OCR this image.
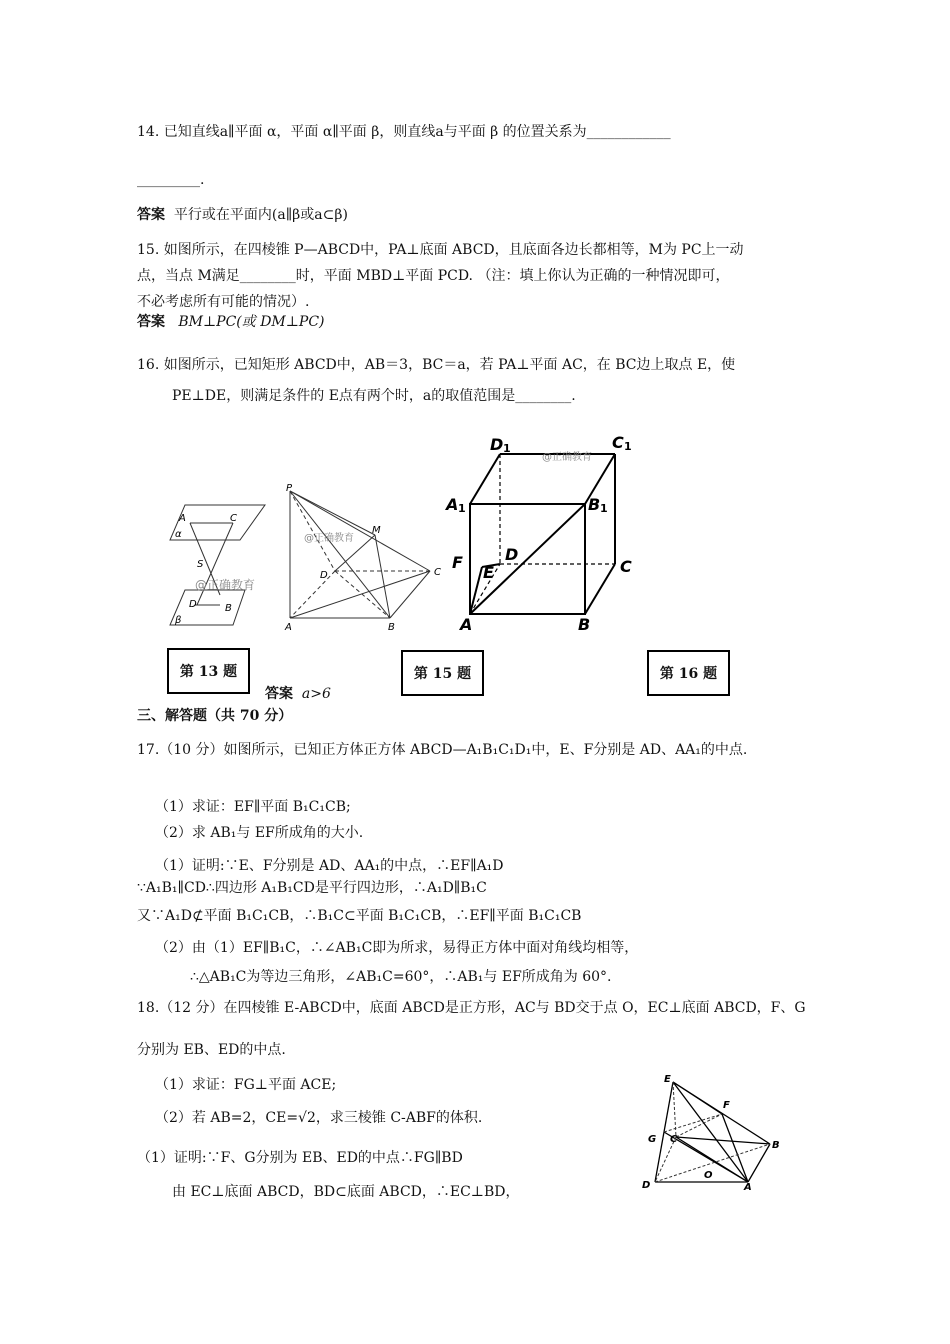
14. 已知直线a∥平面 α，平面 α∥平面 β，则直线a与平面 β 的位置关系为____________
_________.
答案 平行或在平面内(a∥β或a⊂β)
15. 如图所示，在四棱锥 P—ABCD中，PA⊥底面 ABCD，且底面各边长都相等，M为 PC上一动
点，当点 M满足________时，平面 MBD⊥平面 PCD. （注：填上你认为正确的一种情况即可，
不必考虑所有可能的情况）.
答案 BM⊥PC(或 DM⊥PC)
16. 如图所示，已知矩形 ABCD中，AB＝3，BC＝a，若 PA⊥平面 AC，在 BC边上取点 E，使
PE⊥DE，则满足条件的 E点有两个时，a的取值范围是________.
A	C
α
S
D	B
β
@正确教育
P
M
D	C
A	B
@正确教育
D 1	C 1
A 1	B 1
F
E
D
C
A	B
@正确教育
第 13 题	第 15 题	第 16 题
答案 a>6
三、解答题（共 70 分）
17.（10 分）如图所示，已知正方体正方体 ABCD—A₁B₁C₁D₁中，E、F分别是 AD、AA₁的中点.
（1）求证：EF∥平面 B₁C₁CB;
（2）求 AB₁与 EF所成角的大小.
（1）证明:∵E、F分别是 AD、AA₁的中点，∴EF∥A₁D
∵A₁B₁∥CD∴四边形 A₁B₁CD是平行四边形，∴A₁D∥B₁C
又∵A₁D⊄平面 B₁C₁CB，∴B₁C⊂平面 B₁C₁CB，∴EF∥平面 B₁C₁CB
（2）由（1）EF∥B₁C，∴∠AB₁C即为所求，易得正方体中面对角线均相等，
∴△AB₁C为等边三角形，∠AB₁C=60°，∴AB₁与 EF所成角为 60°.
18.（12 分）在四棱锥 E-ABCD中，底面 ABCD是正方形，AC与 BD交于点 O，EC⊥底面 ABCD，F、G
分别为 EB、ED的中点.
（1）求证：FG⊥平面 ACE;
（2）若 AB=2，CE=√2，求三棱锥 C-ABF的体积.
（1）证明:∵F、G分别为 EB、ED的中点∴FG∥BD
由 EC⊥底面 ABCD，BD⊂底面 ABCD，∴EC⊥BD，
E
F
G C
B
O
D	A
